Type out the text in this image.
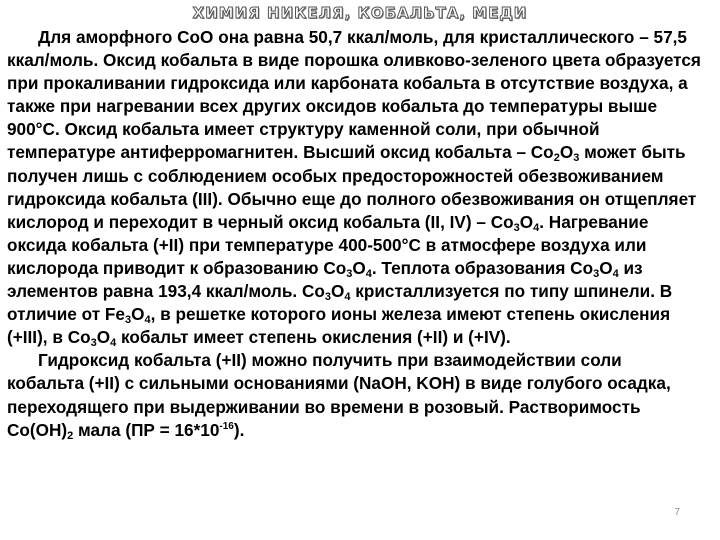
ХИМИЯ НИКЕЛЯ, КОБАЛЬТА, МЕДИ

Для аморфного СоО она равна 50,7 ккал/моль, для кристаллического – 57,5 ккал/моль. Оксид кобальта в виде порошка оливково-зеленого цвета образуется при прокаливании гидроксида или карбоната кобальта в отсутствие воздуха, а также при нагревании всех других оксидов кобальта до температуры выше 900°С. Оксид кобальта имеет структуру каменной соли, при обычной температуре антиферромагнитен. Высший оксид кобальта – $Со_2O_3$ может быть получен лишь с соблюдением особых предосторожностей обезвоживанием гидроксида кобальта (III). Обычно еще до полного обезвоживания он отщепляет кислород и переходит в черный оксид кобальта (II, $IV) - Со_3O_4$. Нагревание оксида кобальта (+II) при температуре 400-500°С в атмосфере воздуха или кислорода приводит к образованию $Со_3O_4$. Теплота образования $Со_3O_4$ из элементов равна 193,4 ккал/моль. $Со_3O_4$ кристаллизуется по типу шпинели. В отличие от $Fe_3O_4$, в решетке которого ионы железа имеют степень окисления (+III), в $Со_3O_4$ кобальт имеет степень окисления (+II) и (+IV).

Гидроксид кобальта (+II) можно получить при взаимодействии соли кобальта (+II) с сильными основаниями (NaOH, KOH) в виде голубого осадка, переходящего при выдерживании во времени в розовый. Растворимость $Со(ОН)_2$ мала $(ПР = 16*10^{-16})$.

7
